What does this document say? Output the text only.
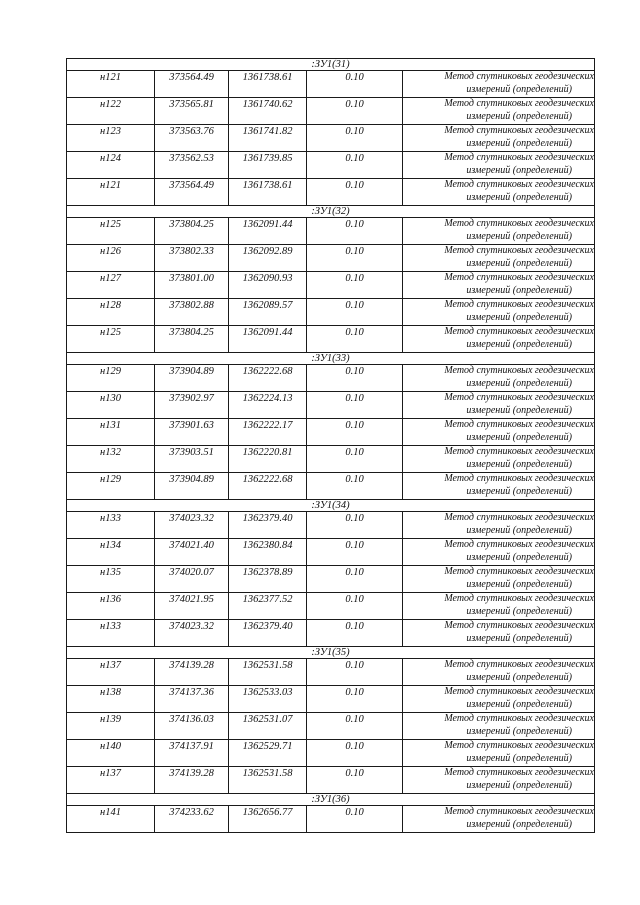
:ЗУ1(31)				
н121	373564.49	1361738.61	0.10	Метод спутниковых геодезических
измерений (определений)

н122	373565.81	1361740.62	0.10	Метод спутниковых геодезических
измерений (определений)

н123	373563.76	1361741.82	0.10	Метод спутниковых геодезических
измерений (определений)

н124	373562.53	1361739.85	0.10	Метод спутниковых геодезических
измерений (определений)

н121	373564.49	1361738.61	0.10	Метод спутниковых геодезических
измерений (определений)

:ЗУ1(32)				
н125	373804.25	1362091.44	0.10	Метод спутниковых геодезических
измерений (определений)

н126	373802.33	1362092.89	0.10	Метод спутниковых геодезических
измерений (определений)

н127	373801.00	1362090.93	0.10	Метод спутниковых геодезических
измерений (определений)

н128	373802.88	1362089.57	0.10	Метод спутниковых геодезических
измерений (определений)

н125	373804.25	1362091.44	0.10	Метод спутниковых геодезических
измерений (определений)

:ЗУ1(33)				
н129	373904.89	1362222.68	0.10	Метод спутниковых геодезических
измерений (определений)

н130	373902.97	1362224.13	0.10	Метод спутниковых геодезических
измерений (определений)

н131	373901.63	1362222.17	0.10	Метод спутниковых геодезических
измерений (определений)

н132	373903.51	1362220.81	0.10	Метод спутниковых геодезических
измерений (определений)

н129	373904.89	1362222.68	0.10	Метод спутниковых геодезических
измерений (определений)

:ЗУ1(34)				
н133	374023.32	1362379.40	0.10	Метод спутниковых геодезических
измерений (определений)

н134	374021.40	1362380.84	0.10	Метод спутниковых геодезических
измерений (определений)

н135	374020.07	1362378.89	0.10	Метод спутниковых геодезических
измерений (определений)

н136	374021.95	1362377.52	0.10	Метод спутниковых геодезических
измерений (определений)

н133	374023.32	1362379.40	0.10	Метод спутниковых геодезических
измерений (определений)

:ЗУ1(35)				
н137	374139.28	1362531.58	0.10	Метод спутниковых геодезических
измерений (определений)

н138	374137.36	1362533.03	0.10	Метод спутниковых геодезических
измерений (определений)

н139	374136.03	1362531.07	0.10	Метод спутниковых геодезических
измерений (определений)

н140	374137.91	1362529.71	0.10	Метод спутниковых геодезических
измерений (определений)

н137	374139.28	1362531.58	0.10	Метод спутниковых геодезических
измерений (определений)

:ЗУ1(36)				
н141	374233.62	1362656.77	0.10	Метод спутниковых геодезических
измерений (определений)
